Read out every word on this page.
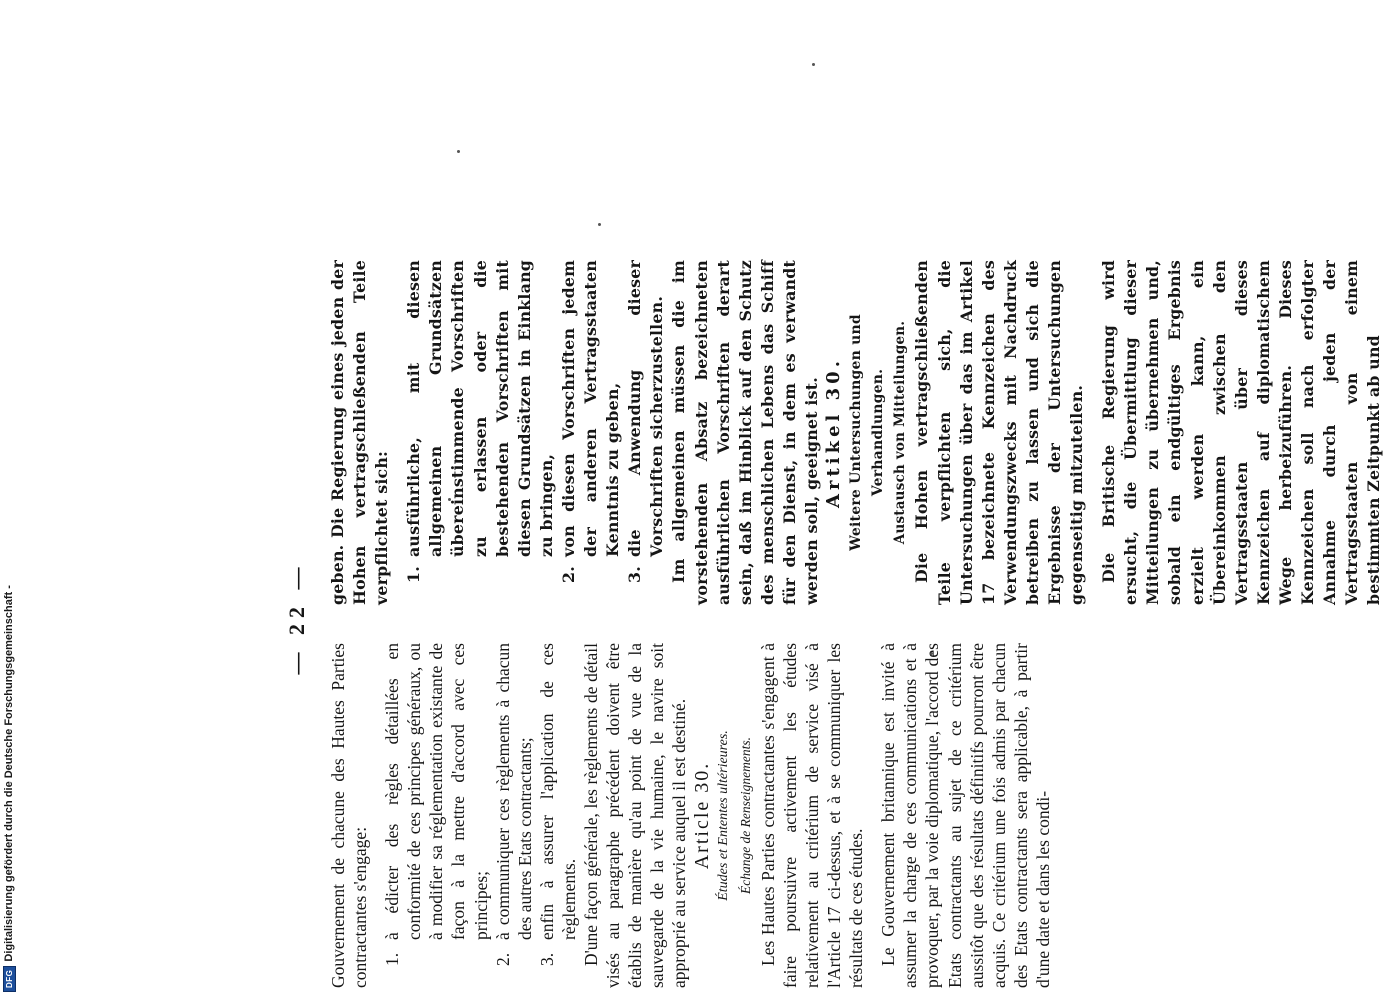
DFG
Digitalisierung gefördert durch die Deutsche Forschungsgemeinschaft -	— 22 —

Gouvernement de chacune des Hautes Parties contractantes s'engage: 1.
à édicter des règles détaillées en conformité de ces principes généraux, ou à modifier sa réglementation existante de façon à la mettre d'accord avec ces principes;
2.
à communiquer ces règlements à chacun des autres Etats contractants;
3.
enfin à assurer l'application de ces règlements. D'une façon générale, les règlements de détail visés au paragraphe précédent doivent être établis de manière qu'au point de vue de la sauvegarde de la vie humaine, le navire soit approprié au service auquel il est destiné. Article 30. Études et Ententes ultérieures. Échange de Renseignements. Les Hautes Parties contractantes s'engagent à faire poursuivre activement les études relativement au critérium de service visé à l'Article 17 ci-dessus, et à se communiquer les résultats de ces études. Le Gouvernement britannique est invité à assumer la charge de ces communications et à provoquer, par la voie diplomatique, l'accord des Etats contractants au sujet de ce critérium aussitôt que des résultats définitifs pourront être acquis. Ce critérium une fois admis par chacun des Etats contractants sera applicable, à partir d'une date et dans les condi-

geben. Die Regierung eines jeden der Hohen vertragschließenden Teile verpflichtet sich: 1.
ausführliche, mit diesen allgemeinen Grundsätzen übereinstimmende Vorschriften zu erlassen oder die bestehenden Vorschriften mit diesen Grundsätzen in Einklang zu bringen,
2.
von diesen Vorschriften jedem der anderen Vertragsstaaten Kenntnis zu geben,
3.
die Anwendung dieser Vorschriften sicherzustellen. Im allgemeinen müssen die im vorstehenden Absatz bezeichneten ausführlichen Vorschriften derart sein, daß im Hinblick auf den Schutz des menschlichen Lebens das Schiff für den Dienst, in dem es verwandt werden soll, geeignet ist. Artikel 30. Weitere Untersuchungen und Verhandlungen. Austausch von Mitteilungen. Die Hohen vertragschließenden Teile verpflichten sich, die Untersuchungen über das im Artikel 17 bezeichnete Kennzeichen des Verwendungszwecks mit Nachdruck betreiben zu lassen und sich die Ergebnisse der Untersuchungen gegenseitig mitzuteilen. Die Britische Regierung wird ersucht, die Übermittlung dieser Mitteilungen zu übernehmen und, sobald ein endgültiges Ergebnis erzielt werden kann, ein Übereinkommen zwischen den Vertragsstaaten über dieses Kennzeichen auf diplomatischem Wege herbeizuführen. Dieses Kennzeichen soll nach erfolgter Annahme durch jeden der Vertragsstaaten von einem bestimmten Zeitpunkt ab und
